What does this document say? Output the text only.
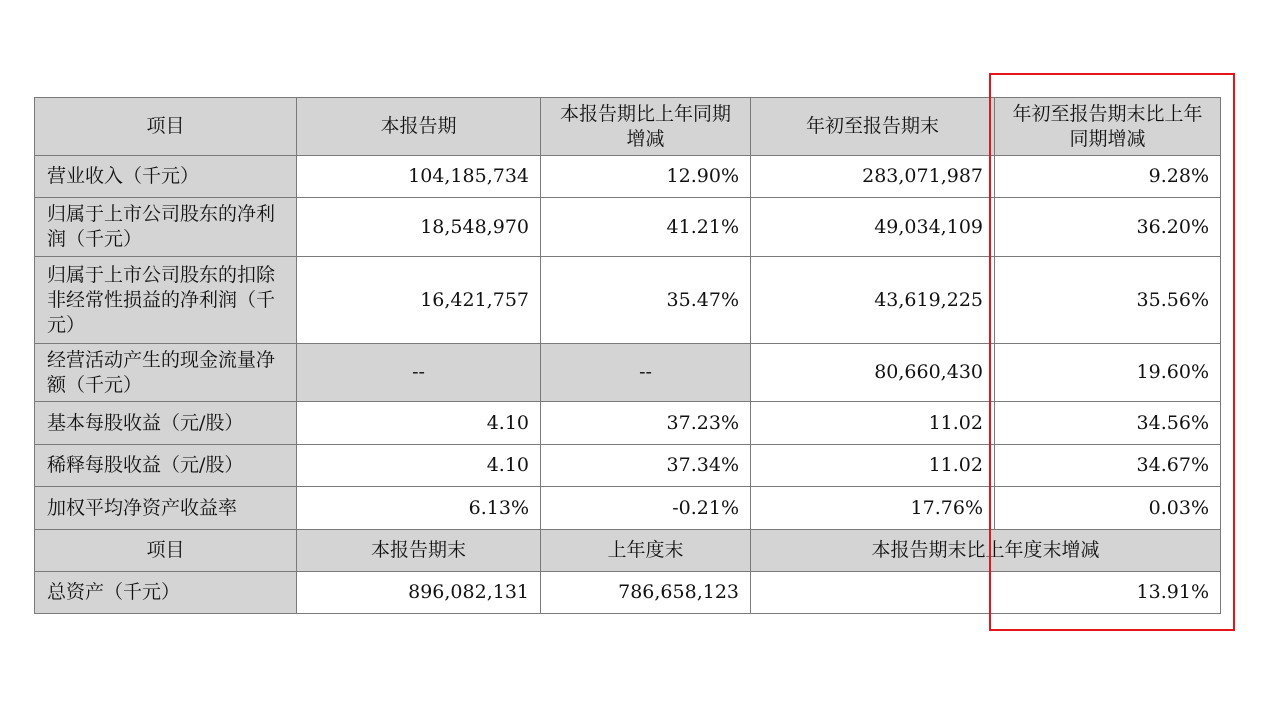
项目	本报告期	本报告期比上年同期增减	年初至报告期末	年初至报告期末比上年同期增减
营业收入（千元）	104,185,734	12.90%	283,071,987	9.28%
归属于上市公司股东的净利润（千元）	18,548,970	41.21%	49,034,109	36.20%
归属于上市公司股东的扣除非经常性损益的净利润（千元）	16,421,757	35.47%	43,619,225	35.56%
经营活动产生的现金流量净额（千元）	--	--	80,660,430	19.60%
基本每股收益（元/股）	4.10	37.23%	11.02	34.56%
稀释每股收益（元/股）	4.10	37.34%	11.02	34.67%
加权平均净资产收益率	6.13%	-0.21%	17.76%	0.03%
项目	本报告期末	上年度末	本报告期末比上年度末增减	
总资产（千元）	896,082,131	786,658,123	13.91%	
